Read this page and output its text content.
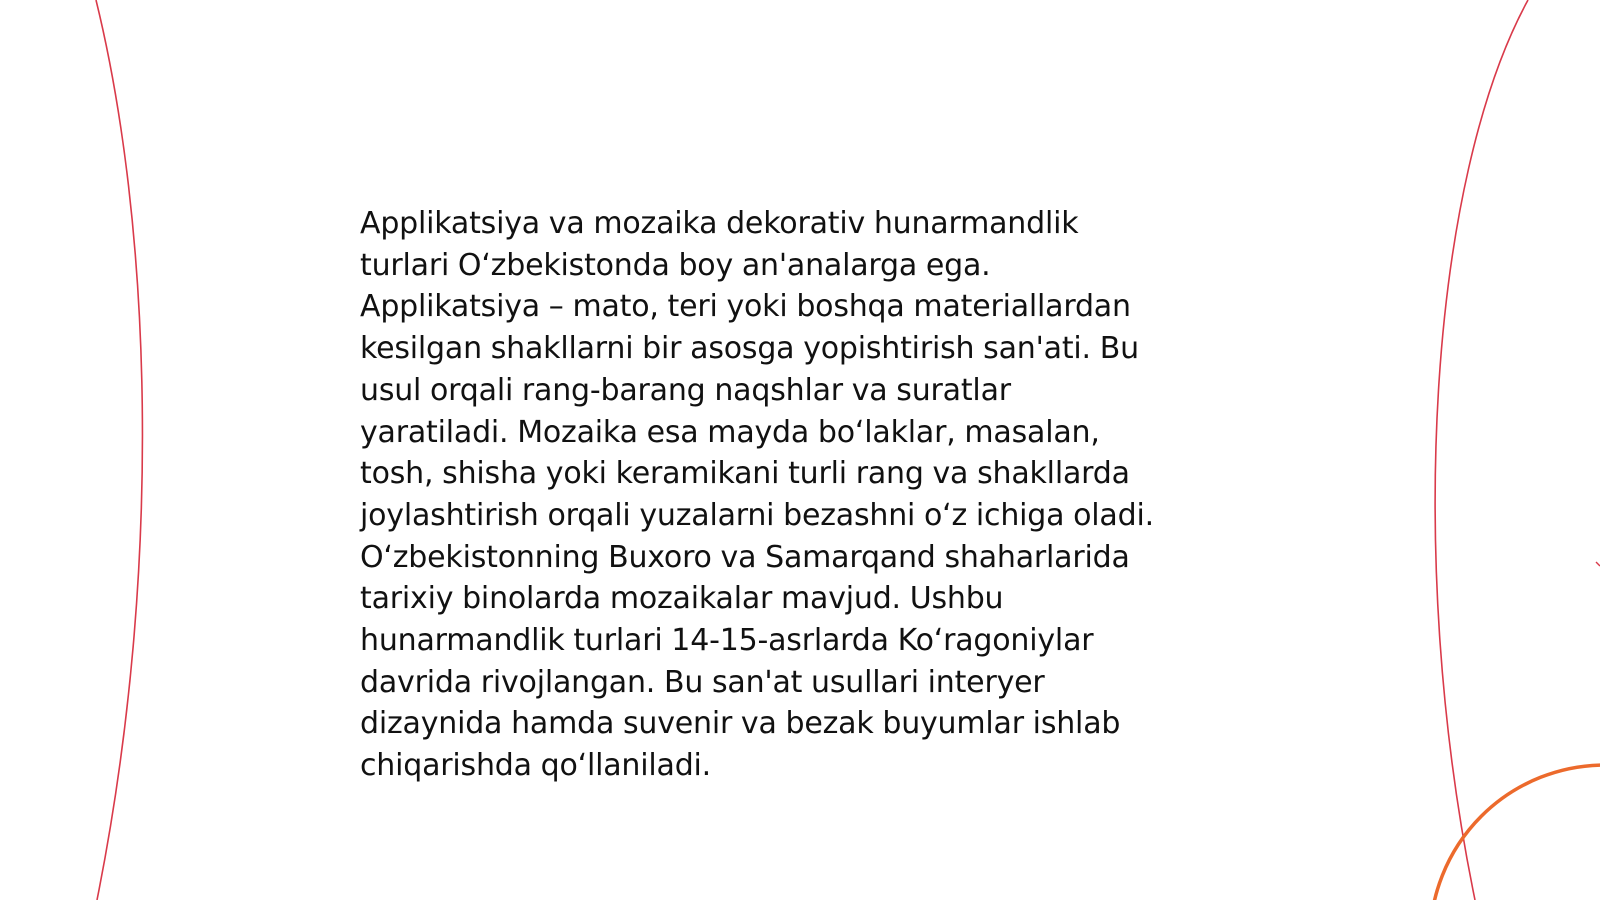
Applikatsiya va mozaika dekorativ hunarmandlik
turlari O‘zbekistonda boy an'analarga ega.
Applikatsiya – mato, teri yoki boshqa materiallardan
kesilgan shakllarni bir asosga yopishtirish san'ati. Bu
usul orqali rang-barang naqshlar va suratlar
yaratiladi. Mozaika esa mayda bo‘laklar, masalan,
tosh, shisha yoki keramikani turli rang va shakllarda
joylashtirish orqali yuzalarni bezashni o‘z ichiga oladi.
O‘zbekistonning Buxoro va Samarqand shaharlarida
tarixiy binolarda mozaikalar mavjud. Ushbu
hunarmandlik turlari 14-15-asrlarda Ko‘ragoniylar
davrida rivojlangan. Bu san'at usullari interyer
dizaynida hamda suvenir va bezak buyumlar ishlab
chiqarishda qo‘llaniladi.
